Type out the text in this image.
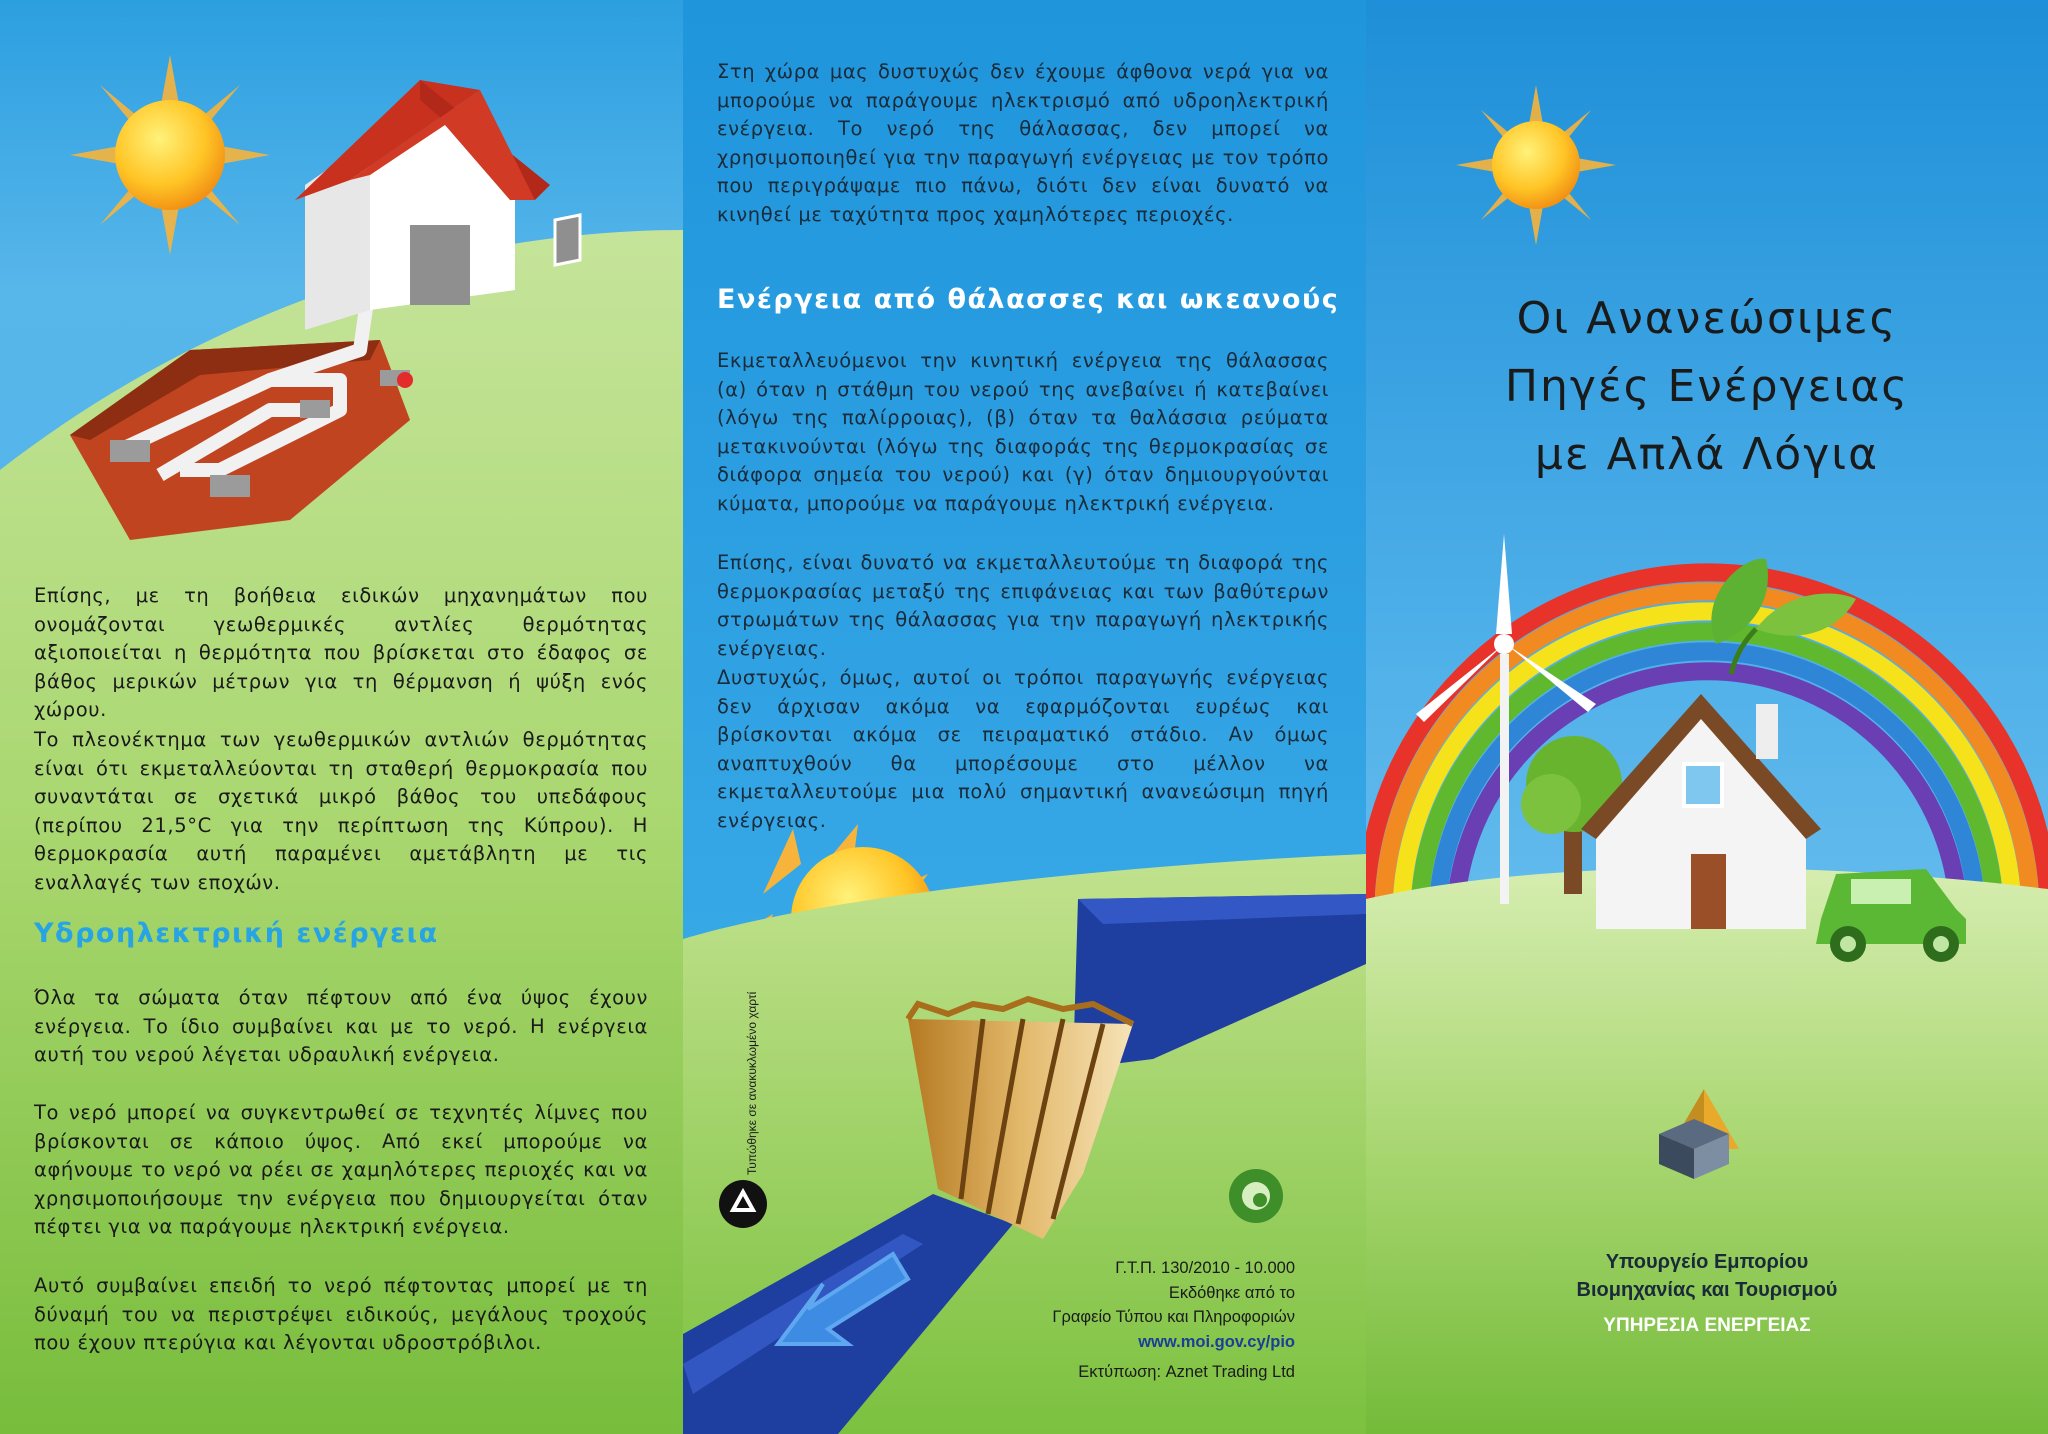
Επίσης, με τη βοήθεια ειδικών μηχανημάτων που ονομάζονται γεωθερμικές αντλίες θερμότητας αξιοποιείται η θερμότητα που βρίσκεται στο έδαφος σε βάθος μερικών μέτρων για τη θέρμανση ή ψύξη ενός χώρου.

Το πλεονέκτημα των γεωθερμικών αντλιών θερμότητας είναι ότι εκμεταλλεύονται τη σταθερή θερμοκρασία που συναντάται σε σχετικά μικρό βάθος του υπεδάφους (περίπου 21,5°C για την περίπτωση της Κύπρου). Η θερμοκρασία αυτή παραμένει αμετάβλητη με τις εναλλαγές των εποχών.

Υδροηλεκτρική ενέργεια

Όλα τα σώματα όταν πέφτουν από ένα ύψος έχουν ενέργεια. Το ίδιο συμβαίνει και με το νερό. Η ενέργεια αυτή του νερού λέγεται υδραυλική ενέργεια.

Το νερό μπορεί να συγκεντρωθεί σε τεχνητές λίμνες που βρίσκονται σε κάποιο ύψος. Από εκεί μπορούμε να αφήνουμε το νερό να ρέει σε χαμηλότερες περιοχές και να χρησιμοποιήσουμε την ενέργεια που δημιουργείται όταν πέφτει για να παράγουμε ηλεκτρική ενέργεια.

Αυτό συμβαίνει επειδή το νερό πέφτοντας μπορεί με τη δύναμή του να περιστρέψει ειδικούς, μεγάλους τροχούς που έχουν πτερύγια και λέγονται υδροστρόβιλοι.

Στη χώρα μας δυστυχώς δεν έχουμε άφθονα νερά για να μπορούμε να παράγουμε ηλεκτρισμό από υδροηλεκτρική ενέργεια. Το νερό της θάλασσας, δεν μπορεί να χρησιμοποιηθεί για την παραγωγή ενέργειας με τον τρόπο που περιγράψαμε πιο πάνω, διότι δεν είναι δυνατό να κινηθεί με ταχύτητα προς χαμηλότερες περιοχές.

Ενέργεια από θάλασσες και ωκεανούς

Εκμεταλλευόμενοι την κινητική ενέργεια της θάλασσας (α) όταν η στάθμη του νερού της ανεβαίνει ή κατεβαίνει (λόγω της παλίρροιας), (β) όταν τα θαλάσσια ρεύματα μετακινούνται (λόγω της διαφοράς της θερμοκρασίας σε διάφορα σημεία του νερού) και (γ) όταν δημιουργούνται κύματα, μπορούμε να παράγουμε ηλεκτρική ενέργεια.

Επίσης, είναι δυνατό να εκμεταλλευτούμε τη διαφορά της θερμοκρασίας μεταξύ της επιφάνειας και των βαθύτερων στρωμάτων της θάλασσας για την παραγωγή ηλεκτρικής ενέργειας.

Δυστυχώς, όμως, αυτοί οι τρόποι παραγωγής ενέργειας δεν άρχισαν ακόμα να εφαρμόζονται ευρέως και βρίσκονται ακόμα σε πειραματικό στάδιο. Αν όμως αναπτυχθούν θα μπορέσουμε στο μέλλον να εκμεταλλευτούμε μια πολύ σημαντική ανανεώσιμη πηγή ενέργειας.

Τυπώθηκε σε ανακυκλωμένο χαρτί
Γ.Τ.Π. 130/2010 - 10.000
Εκδόθηκε από το
Γραφείο Τύπου και Πληροφοριών
www.moi.gov.cy/pio
Εκτύπωση: Aznet Trading Ltd
Οι Ανανεώσιμες
Πηγές Ενέργειας
με Απλά Λόγια
Υπουργείο Εμπορίου
Βιομηχανίας και Τουρισμού
ΥΠΗΡΕΣΙΑ ΕΝΕΡΓΕΙΑΣ
